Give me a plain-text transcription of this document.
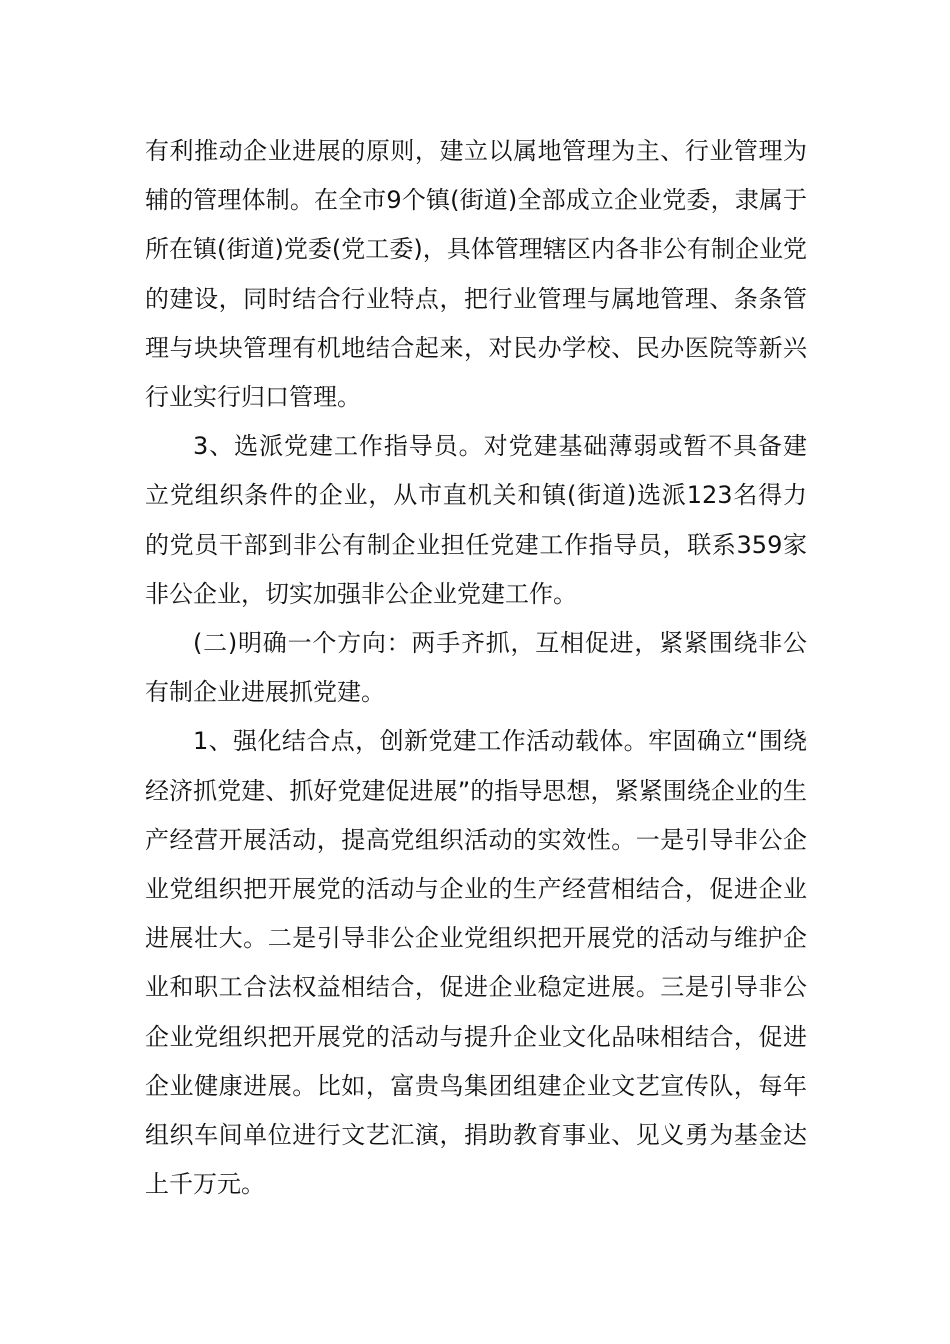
有利推动企业进展的原则，建立以属地管理为主、行业管理为辅的管理体制。在全市9个镇(街道)全部成立企业党委，隶属于所在镇(街道)党委(党工委)，具体管理辖区内各非公有制企业党的建设，同时结合行业特点，把行业管理与属地管理、条条管理与块块管理有机地结合起来，对民办学校、民办医院等新兴行业实行归口管理。

3、选派党建工作指导员。对党建基础薄弱或暂不具备建立党组织条件的企业，从市直机关和镇(街道)选派123名得力的党员干部到非公有制企业担任党建工作指导员，联系359家非公企业，切实加强非公企业党建工作。

(二)明确一个方向：两手齐抓，互相促进，紧紧围绕非公有制企业进展抓党建。

1、强化结合点，创新党建工作活动载体。牢固确立“围绕经济抓党建、抓好党建促进展”的指导思想，紧紧围绕企业的生产经营开展活动，提高党组织活动的实效性。一是引导非公企业党组织把开展党的活动与企业的生产经营相结合，促进企业进展壮大。二是引导非公企业党组织把开展党的活动与维护企业和职工合法权益相结合，促进企业稳定进展。三是引导非公企业党组织把开展党的活动与提升企业文化品味相结合，促进企业健康进展。比如，富贵鸟集团组建企业文艺宣传队，每年组织车间单位进行文艺汇演，捐助教育事业、见义勇为基金达上千万元。
